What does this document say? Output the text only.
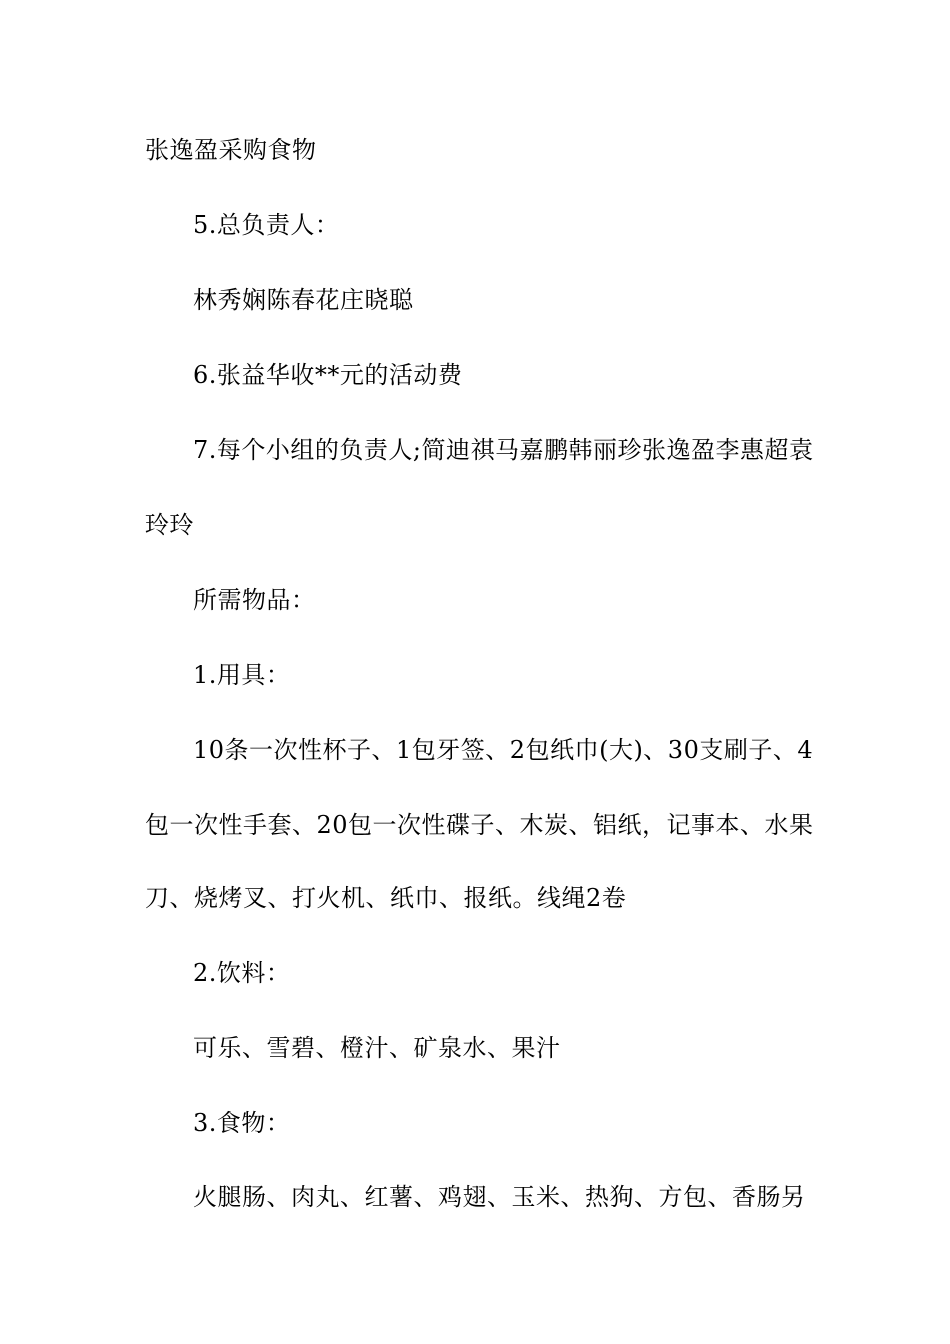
张逸盈采购食物
5.总负责人：
林秀娴陈春花庄晓聪
6.张益华收**元的活动费
7.每个小组的负责人;简迪祺马嘉鹏韩丽珍张逸盈李惠超袁
玲玲
所需物品：
1.用具：
10条一次性杯子、1包牙签、2包纸巾(大)、30支刷子、4
包一次性手套、20包一次性碟子、木炭、铝纸，记事本、水果
刀、烧烤叉、打火机、纸巾、报纸。线绳2卷
2.饮料：
可乐、雪碧、橙汁、矿泉水、果汁
3.食物：
火腿肠、肉丸、红薯、鸡翅、玉米、热狗、方包、香肠另
